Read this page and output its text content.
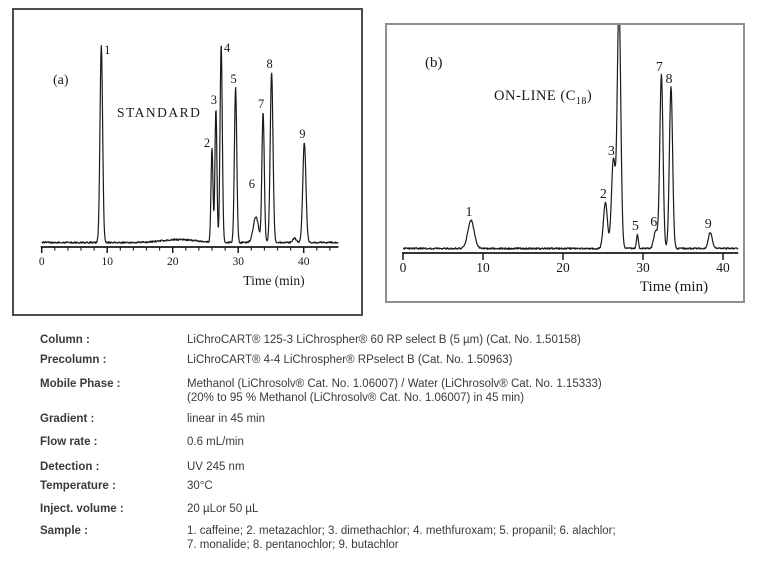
0	10	20	30	40
Time (min)
1
2
3
4
5
6
7
8
9
(a)
STANDARD
0	10	20	30	40
Time (min)
1
2
3
5 6
7
8
9
(b)
ON-LINE $(C_{18})$
Column :	LiChroCART® 125-3 LiChrospher® 60 RP select B (5 µm) (Cat. No. 1.50158)
Precolumn :	LiChroCART® 4-4 LiChrospher® RPselect B (Cat. No. 1.50963)
Mobile Phase :	Methanol (LiChrosolv® Cat. No. 1.06007) / Water (LiChrosolv® Cat. No. 1.15333)
(20% to 95 % Methanol (LiChrosolv® Cat. No. 1.06007) in 45 min)
Gradient :	linear in 45 min
Flow rate :	0.6 mL/min
Detection :	UV 245 nm
Temperature :	30°C
Inject. volume :	20 µLor 50 µL
Sample :	1. caffeine; 2. metazachlor; 3. dimethachlor; 4. methfuroxam; 5. propanil; 6. alachlor;
7. monalide; 8. pentanochlor; 9. butachlor
